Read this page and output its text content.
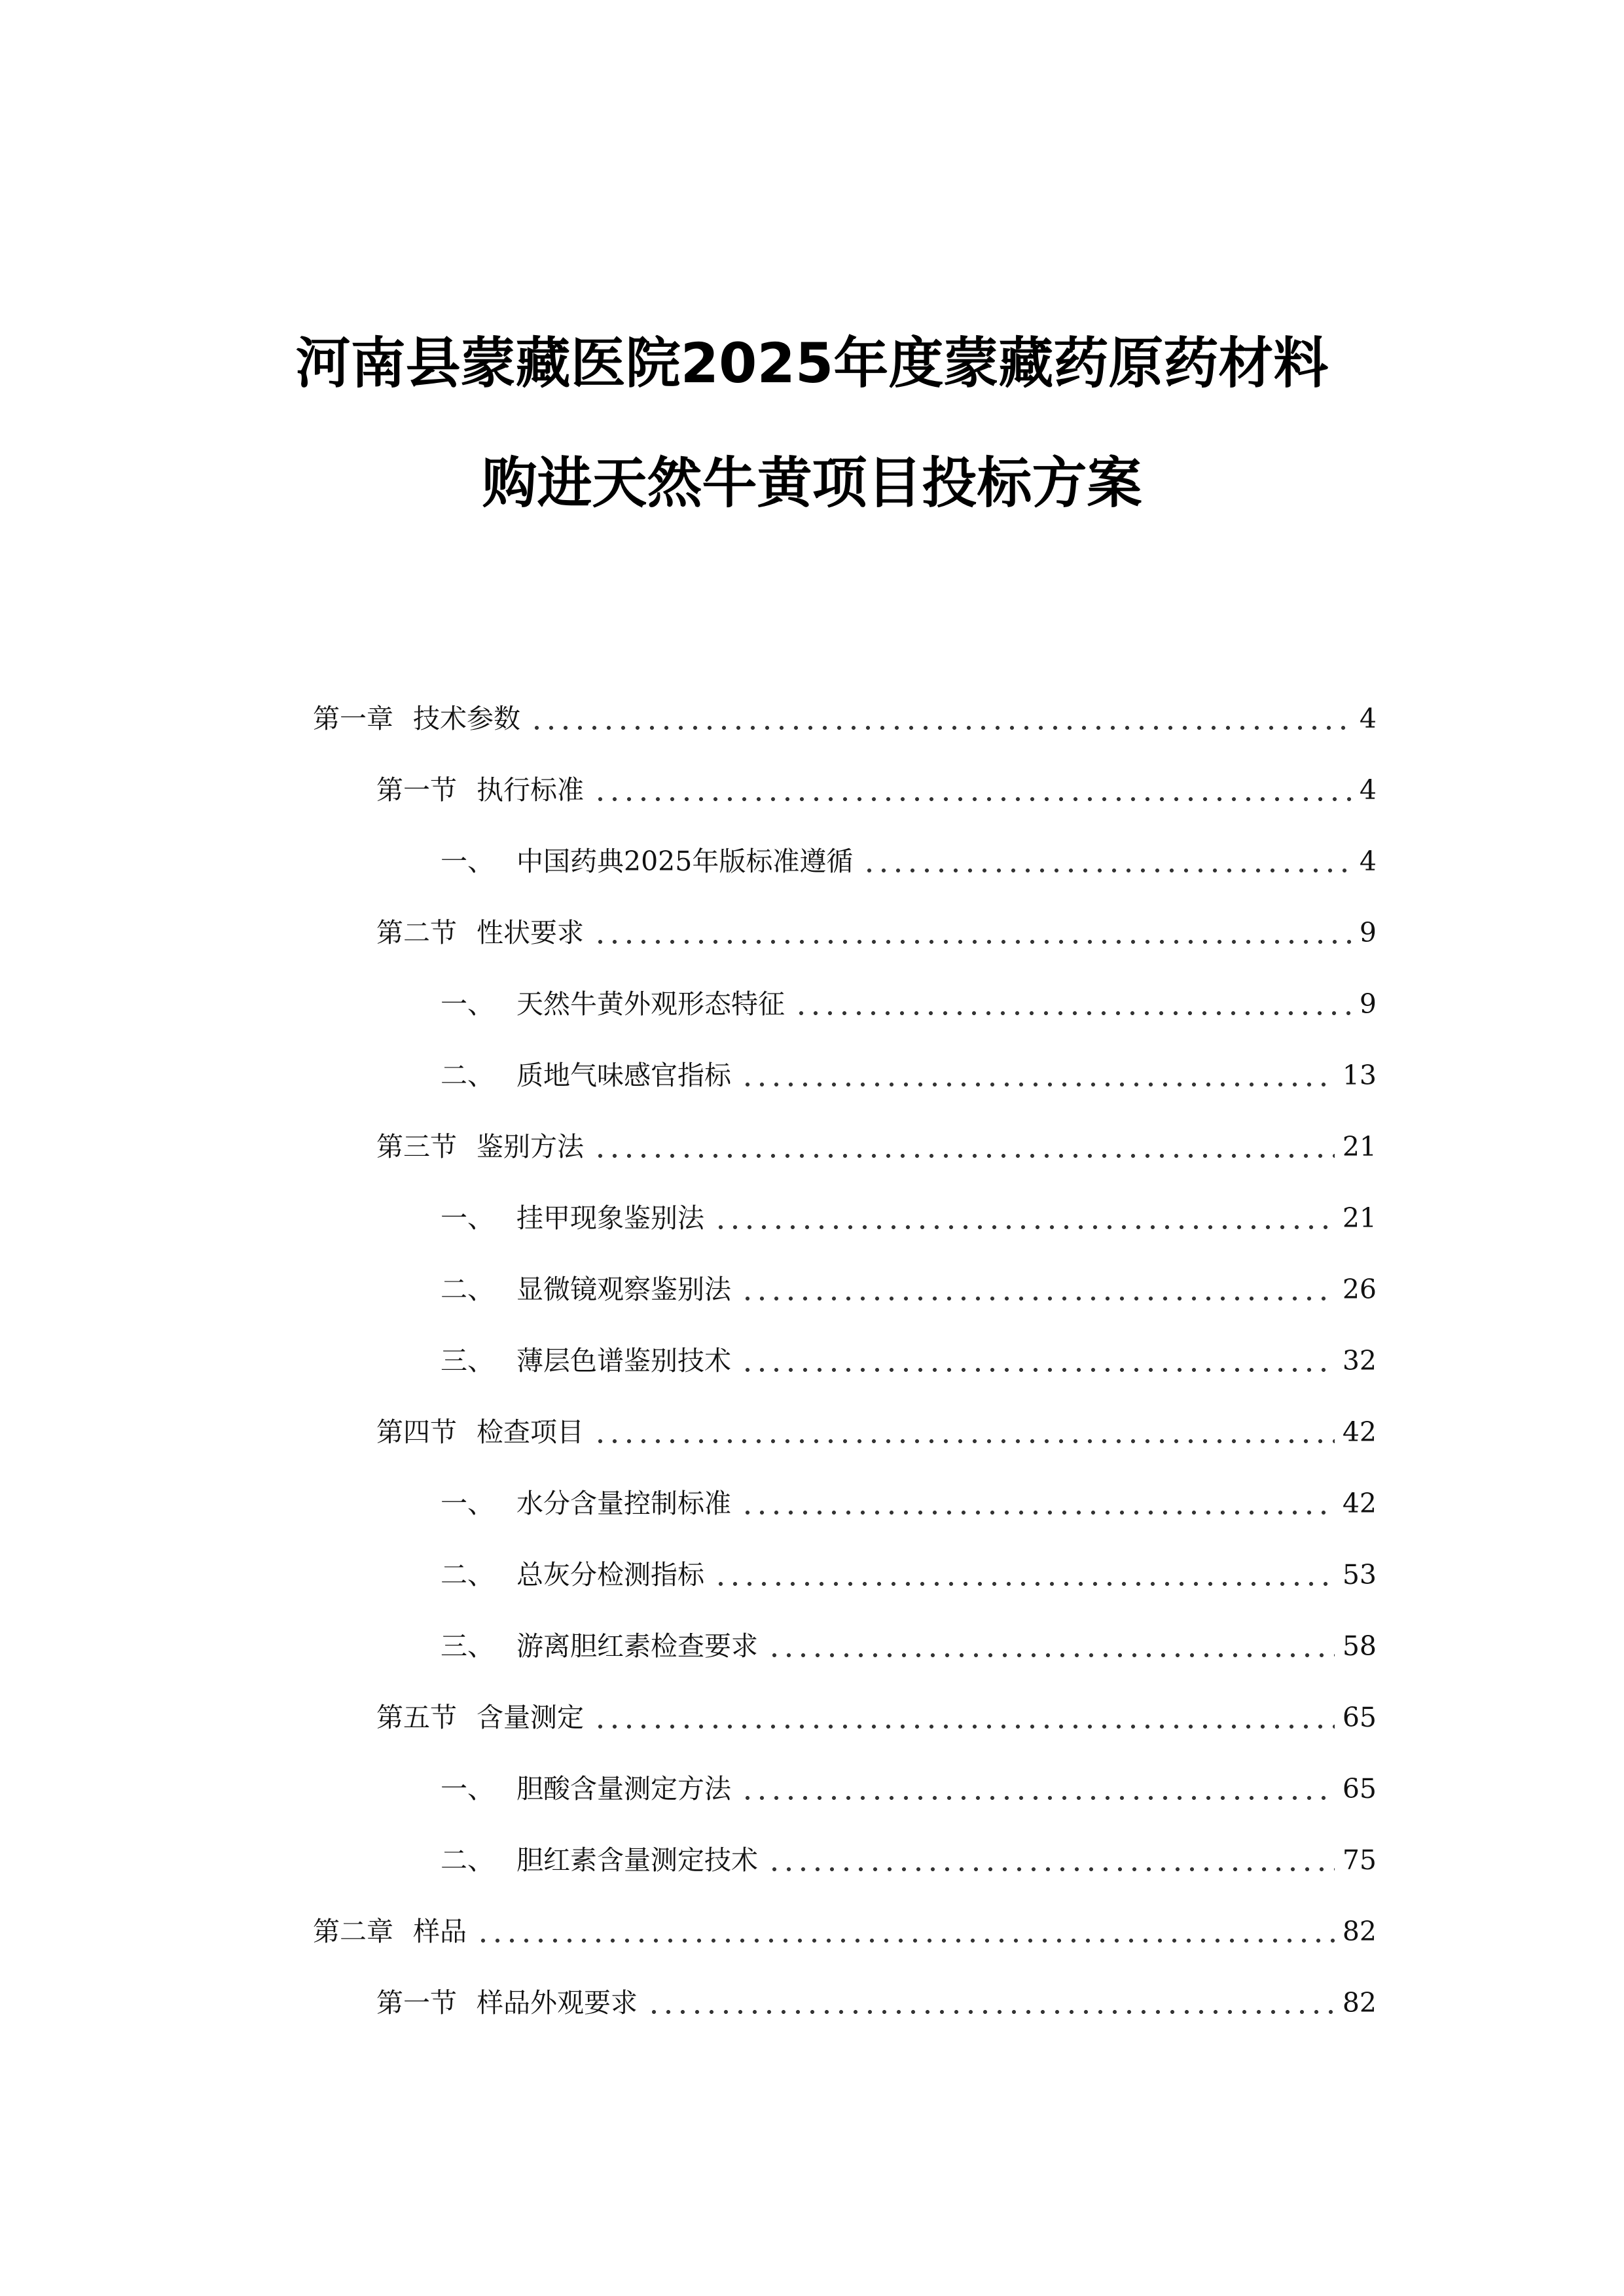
河南县蒙藏医院2025年度蒙藏药原药材料
购进天然牛黄项目投标方案
第一章 技术参数	4
第一节 执行标准	4
一、 中国药典2025年版标准遵循	4
第二节 性状要求	9
一、 天然牛黄外观形态特征	9
二、 质地气味感官指标	13
第三节 鉴别方法	21
一、 挂甲现象鉴别法	21
二、 显微镜观察鉴别法	26
三、 薄层色谱鉴别技术	32
第四节 检查项目	42
一、 水分含量控制标准	42
二、 总灰分检测指标	53
三、 游离胆红素检查要求	58
第五节 含量测定	65
一、 胆酸含量测定方法	65
二、 胆红素含量测定技术	75
第二章 样品	82
第一节 样品外观要求	82
